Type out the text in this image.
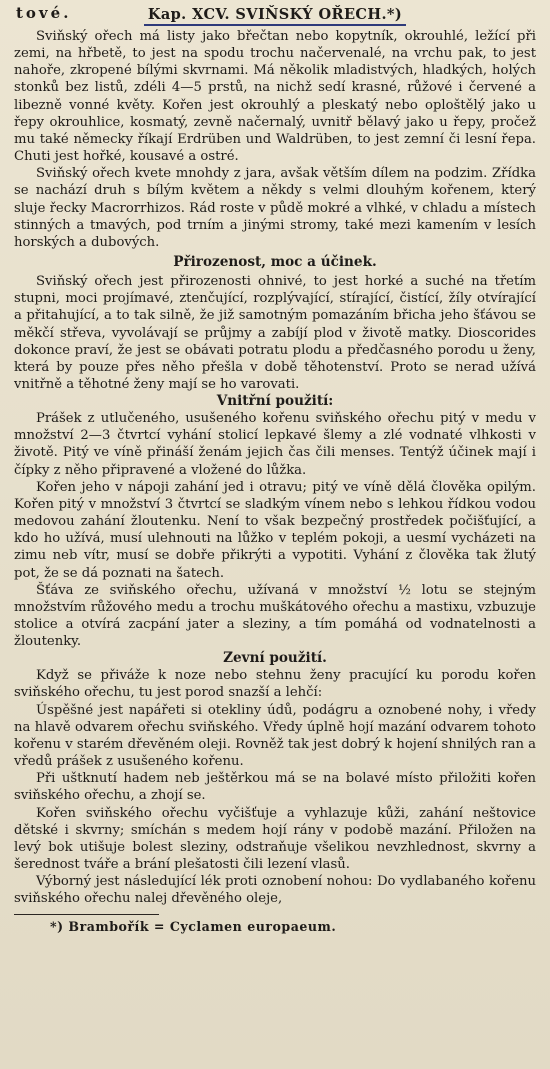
tové.	Kap. XCV. SVIŇSKÝ OŘECH.*)

Sviňský ořech má listy jako břečtan nebo kopytník, okrouhlé, ležící při zemi, na hřbetě, to jest na spodu trochu načervenalé, na vrchu pak, to jest nahoře, zkropené bílými skvrnami. Má několik mladistvých, hladkých, holých stonků bez listů, zdéli 4—5 prstů, na nichž sedí krasné, růžové i červené a libezně vonné květy. Kořen jest okrouhlý a pleskatý nebo oploštělý jako u řepy okrouhlice, kosmatý, zevně načernalý, uvnitř bělavý jako u řepy, pročež mu také německy říkají Erdrüben und Waldrüben, to jest zemní či lesní řepa. Chuti jest hořké, kousavé a ostré.

Sviňský ořech kvete mnohdy z jara, avšak větším dílem na podzim. Zřídka se nachází druh s bílým květem a někdy s velmi dlouhým kořenem, který sluje řecky Macrorrhizos. Rád roste v půdě mokré a vlhké, v chladu a místech stinných a tmavých, pod trním a jinými stromy, také mezi kamením v lesích horských a dubových.

Přirozenost, moc a účinek.

Sviňský ořech jest přirozenosti ohnivé, to jest horké a suché na třetím stupni, moci projímavé, ztenčující, rozplývající, stírající, čistící, žíly otvírající a přitahující, a to tak silně, že již samotným pomazáním břicha jeho šťávou se měkčí střeva, vyvolávají se průjmy a zabíjí plod v životě matky. Dioscorides dokonce praví, že jest se obávati potratu plodu a předčasného porodu u ženy, která by pouze přes něho přešla v době těhotenství. Proto se nerad užívá vnitřně a těhotné ženy mají se ho varovati.

Vnitřní použití:

Prášek z utlučeného, usušeného kořenu sviňského ořechu pitý v medu v množství 2—3 čtvrtcí vyhání stolicí lepkavé šlemy a zlé vodnaté vlhkosti v životě. Pitý ve víně přináší ženám jejich čas čili menses. Tentýž účinek mají i čípky z něho připravené a vložené do lůžka.

Kořen jeho v nápoji zahání jed i otravu; pitý ve víně dělá člověka opilým. Kořen pitý v množství 3 čtvrtcí se sladkým vínem nebo s lehkou řídkou vodou medovou zahání žloutenku. Není to však bezpečný prostředek počišťující, a kdo ho užívá, musí ulehnouti na lůžko v teplém pokoji, a uesmí vycházeti na zimu neb vítr, musí se dobře přikrýti a vypotiti. Vyhání z člověka tak žlutý pot, že se dá poznati na šatech.

Šťáva ze sviňského ořechu, užívaná v množství ½ lotu se stejným množstvím růžového medu a trochu muškátového ořechu a mastixu, vzbuzuje stolice a otvírá zacpání jater a sleziny, a tím pomáhá od vodnatelnosti a žloutenky.

Zevní použití.

Když se přiváže k noze nebo stehnu ženy pracující ku porodu kořen sviňského ořechu, tu jest porod snazší a lehčí:

Úspěšné jest napářeti si otekliny údů, podágru a oznobené nohy, i vředy na hlavě odvarem ořechu sviňského. Vředy úplně hojí mazání odvarem tohoto kořenu v starém dřevěném oleji. Rovněž tak jest dobrý k hojení shnilých ran a vředů prášek z usušeného kořenu.

Při uštknutí hadem neb ještěrkou má se na bolavé místo přiložiti kořen sviňského ořechu, a zhojí se.

Kořen sviňského ořechu vyčišťuje a vyhlazuje kůži, zahání neštovice dětské i skvrny; smíchán s medem hojí rány v podobě mazání. Přiložen na levý bok utišuje bolest sleziny, odstraňuje všelikou nevzhlednost, skvrny a šerednost tváře a brání plešatosti čili lezení vlasů.

Výborný jest následující lék proti oznobení nohou: Do vydlabaného kořenu sviňského ořechu nalej dřevěného oleje,

*) Brambořík = Cyclamen europaeum.
